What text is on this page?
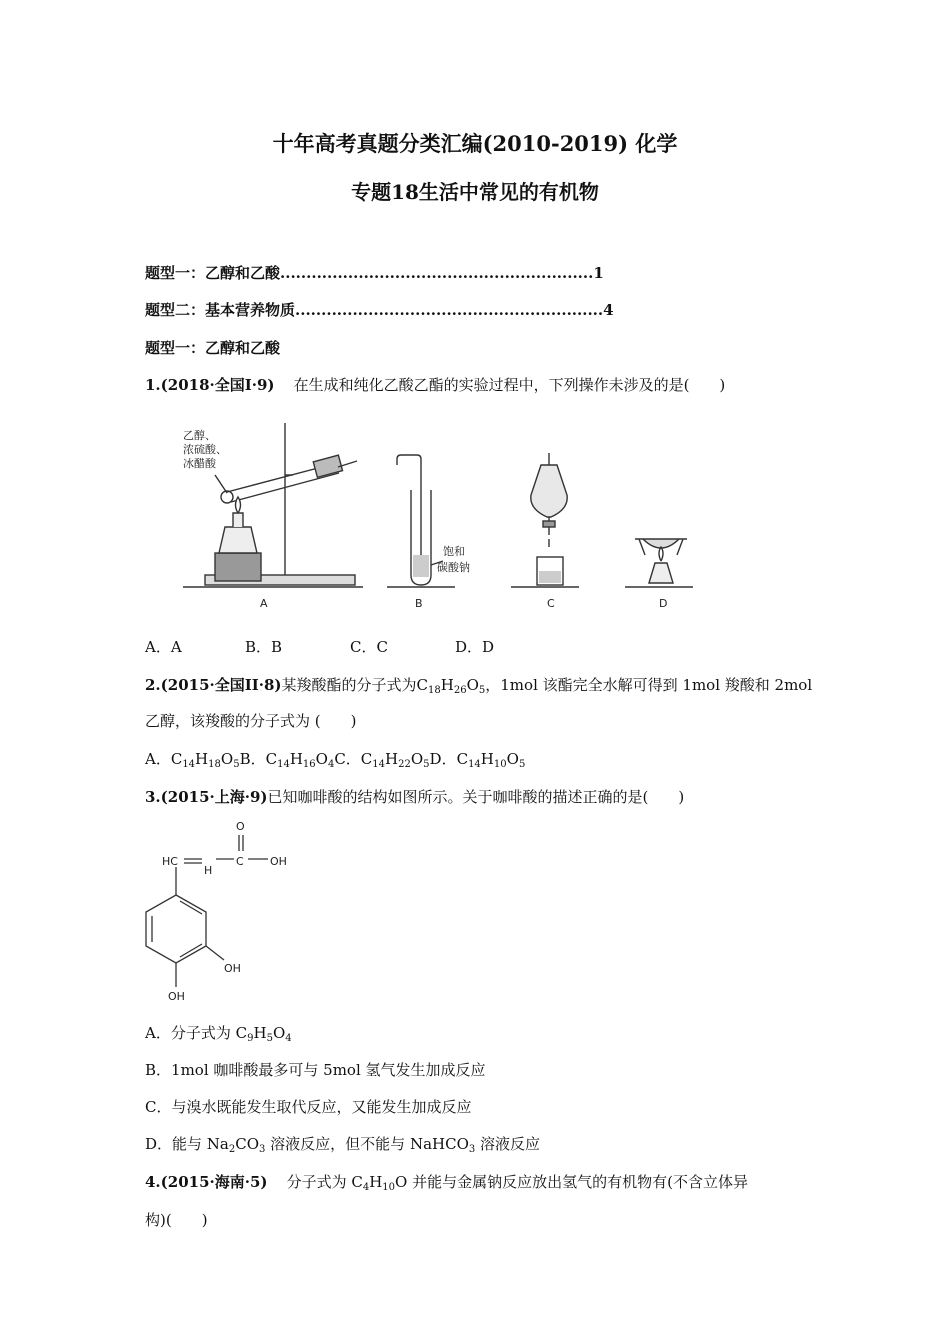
十年高考真题分类汇编(2010-2019) 化学
专题18生活中常见的有机物
题型一：乙醇和乙酸............................................................1
题型二：基本营养物质...........................................................4
题型一：乙醇和乙酸
1.(2018·全国I·9) 在生成和纯化乙酸乙酯的实验过程中，下列操作未涉及的是(　　)
乙醇、
浓硫酸、
冰醋酸
饱和
碳酸钠
A	B	C	D
A．A	B．B	C．C	D．D
2.(2015·全国II·8)某羧酸酯的分子式为$C_{18}H_{26}O_5$，1mol 该酯完全水解可得到 1mol 羧酸和 2mol
乙醇，该羧酸的分子式为 (　　)
A．$C_{14}H_{18}O_5B$．$C_{14}H_{16}O_4C$．$C_{14}H_{22}O_5D$．$C_{14}H_{10}O_5$
3.(2015·上海·9)已知咖啡酸的结构如图所示。关于咖啡酸的描述正确的是(　　)
O
HC
H
C OH
OH
OH
A．分子式为 $C_9H_5O_4$
B．1mol 咖啡酸最多可与 5mol 氢气发生加成反应
C．与溴水既能发生取代反应，又能发生加成反应
D．能与 $Na_2CO_3$ 溶液反应，但不能与 NaHCO$_3$ 溶液反应
4.(2015·海南·5) 分子式为 $C_4H_{10}O$ 并能与金属钠反应放出氢气的有机物有(不含立体异
构)(　　)
